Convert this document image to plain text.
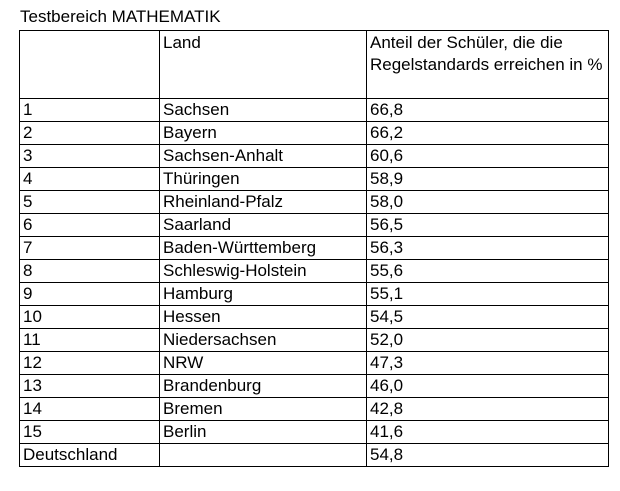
Testbereich MATHEMATIK
	Land	Anteil der Schüler, die die Regelstandards erreichen in %
1	Sachsen	66,8
2	Bayern	66,2
3	Sachsen-Anhalt	60,6
4	Thüringen	58,9
5	Rheinland-Pfalz	58,0
6	Saarland	56,5
7	Baden-Württemberg	56,3
8	Schleswig-Holstein	55,6
9	Hamburg	55,1
10	Hessen	54,5
11	Niedersachsen	52,0
12	NRW	47,3
13	Brandenburg	46,0
14	Bremen	42,8
15	Berlin	41,6
Deutschland		54,8
